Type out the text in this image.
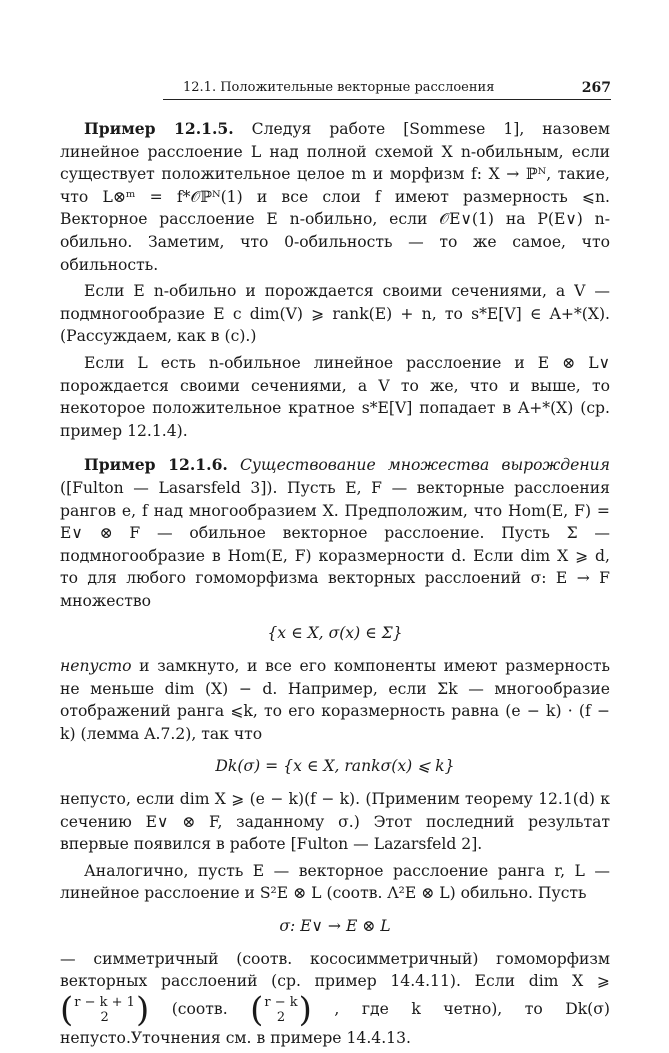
12.1. Положительные векторные расслоения	267

Пример 12.1.5. Следуя работе [Sommese 1], назовем линейное расслоение L над полной схемой X n-обильным, если существует положительное целое m и морфизм f: X → ℙᴺ, такие, что L⊗ᵐ = f*𝒪ℙᴺ(1) и все слои f имеют размерность ⩽n. Векторное расслоение E n-обильно, если 𝒪E∨(1) на P(E∨) n-обильно. Заметим, что 0-обильность — то же самое, что обильность.

Если E n-обильно и порождается своими сечениями, а V — подмногообразие E с dim(V) ⩾ rank(E) + n, то s*E[V] ∈ A+*(X). (Рассуждаем, как в (c).)

Если L есть n-обильное линейное расслоение и E ⊗ L∨ порождается своими сечениями, а V то же, что и выше, то некоторое положительное кратное s*E[V] попадает в A+*(X) (ср. пример 12.1.4).

Пример 12.1.6. Существование множества вырождения ([Fulton — Lasarsfeld 3]). Пусть E, F — векторные расслоения рангов e, f над многообразием X. Предположим, что Hom(E, F) = E∨ ⊗ F — обильное векторное расслоение. Пусть Σ — подмногообразие в Hom(E, F) коразмерности d. Если dim X ⩾ d, то для любого гомоморфизма векторных расслоений σ: E → F множество

{x ∈ X, σ(x) ∈ Σ}

непусто и замкнуто, и все его компоненты имеют размерность не меньше dim (X) − d. Например, если Σk — многообразие отображений ранга ⩽k, то его коразмерность равна (e − k) · (f − k) (лемма A.7.2), так что

Dk(σ) = {x ∈ X, rankσ(x) ⩽ k}

непусто, если dim X ⩾ (e − k)(f − k). (Применим теорему 12.1(d) к сечению E∨ ⊗ F, заданному σ.) Этот последний результат впервые появился в работе [Fulton — Lazarsfeld 2].

Аналогично, пусть E — векторное расслоение ранга r, L — линейное расслоение и S²E ⊗ L (соотв. Λ²E ⊗ L) обильно. Пусть

σ: E∨ → E ⊗ L

— симметричный (соотв. кососимметричный) гомоморфизм векторных расслоений (ср. пример 14.4.11). Если dim X ⩾
( r − k + 1
2 ) (соотв. ( r − k
2 ) , где k четно), то Dk(σ) непусто.Уточнения см. в примере 14.4.13.
